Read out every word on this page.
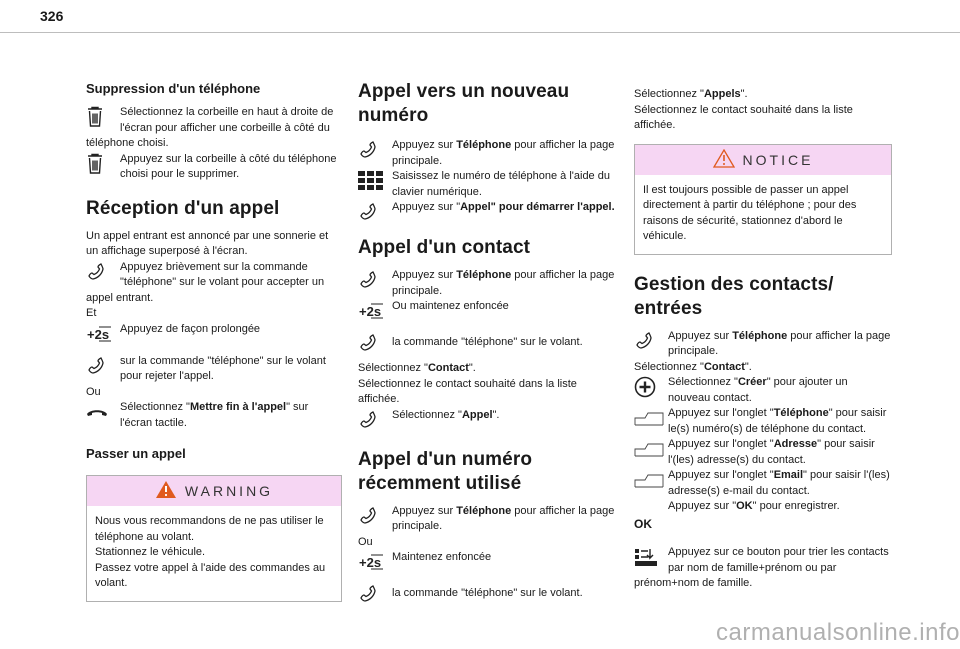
326
Suppression d'un téléphone

Sélectionnez la corbeille en haut à droite de l'écran pour afficher une corbeille à côté du téléphone choisi.

Appuyez sur la corbeille à côté du téléphone choisi pour le supprimer.

Réception d'un appel

Un appel entrant est annoncé par une sonnerie et un affichage superposé à l'écran.

Appuyez brièvement sur la commande "téléphone" sur le volant pour accepter un appel entrant.

Et

+2s Appuyez de façon prolongée

sur la commande "téléphone" sur le volant pour rejeter l'appel.

Ou

Sélectionnez "Mettre fin à l'appel" sur l'écran tactile.

Passer un appel
WARNING

Nous vous recommandons de ne pas utiliser le téléphone au volant.
Stationnez le véhicule.
Passez votre appel à l'aide des commandes au volant.

Appel vers un nouveau numéro

Appuyez sur Téléphone pour afficher la page principale.

Saisissez le numéro de téléphone à l'aide du clavier numérique.

Appuyez sur "Appel" pour démarrer l'appel.

Appel d'un contact

Appuyez sur Téléphone pour afficher la page principale.

+2s Ou maintenez enfoncée

la commande "téléphone" sur le volant.

Sélectionnez "Contact".

Sélectionnez le contact souhaité dans la liste affichée.

Sélectionnez "Appel".

Appel d'un numéro récemment utilisé

Appuyez sur Téléphone pour afficher la page principale.

Ou

+2s Maintenez enfoncée

la commande "téléphone" sur le volant.

Sélectionnez "Appels".

Sélectionnez le contact souhaité dans la liste affichée.

NOTICE

Il est toujours possible de passer un appel directement à partir du téléphone ; pour des raisons de sécurité, stationnez d'abord le véhicule.

Gestion des contacts/ entrées

Appuyez sur Téléphone pour afficher la page principale.

Sélectionnez "Contact".

Sélectionnez "Créer" pour ajouter un nouveau contact.

Appuyez sur l'onglet "Téléphone" pour saisir le(s) numéro(s) de téléphone du contact.

Appuyez sur l'onglet "Adresse" pour saisir l'(les) adresse(s) du contact.

Appuyez sur l'onglet "Email" pour saisir l'(les) adresse(s) e-mail du contact.

OK

Appuyez sur "OK" pour enregistrer.

Appuyez sur ce bouton pour trier les contacts par nom de famille+prénom ou par prénom+nom de famille.

carmanualsonline.info
